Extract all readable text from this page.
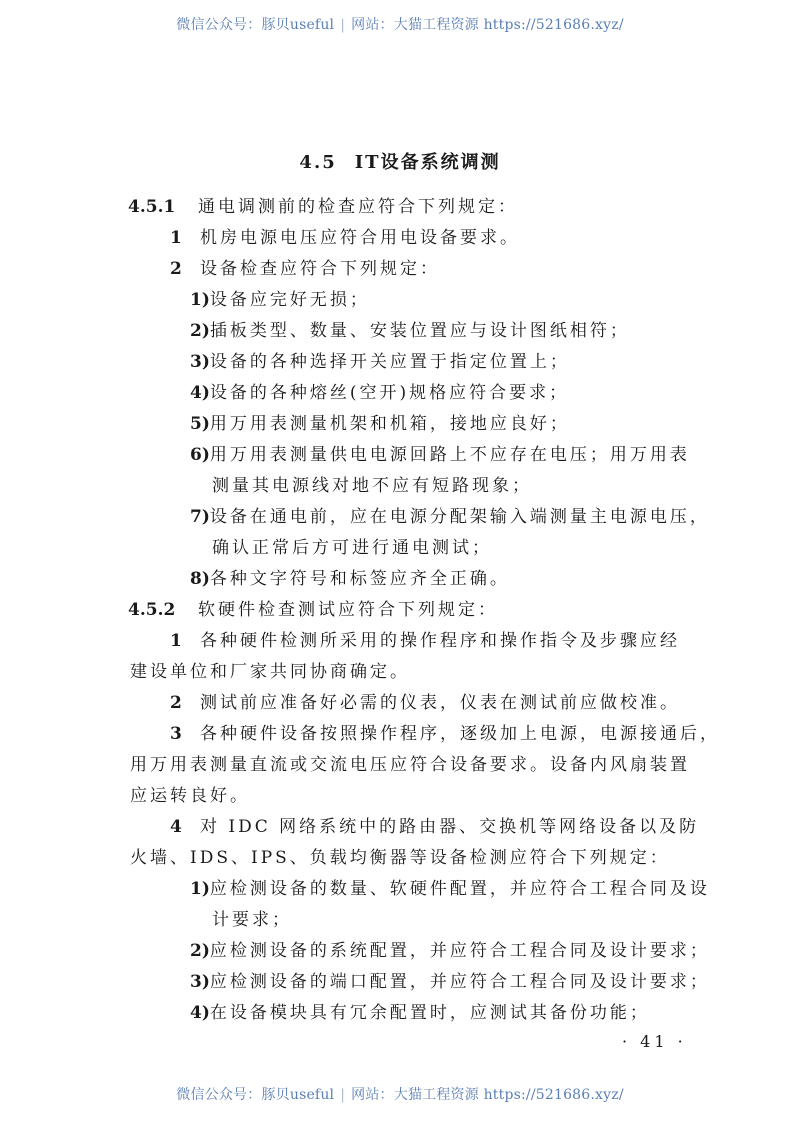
微信公众号：豚贝useful | 网站：大猫工程资源 https://521686.xyz/
4.5 IT设备系统调测
4.5.1 通电调测前的检查应符合下列规定：
1 机房电源电压应符合用电设备要求。
2 设备检查应符合下列规定：
1)设备应完好无损；
2)插板类型、数量、安装位置应与设计图纸相符；
3)设备的各种选择开关应置于指定位置上；
4)设备的各种熔丝(空开)规格应符合要求；
5)用万用表测量机架和机箱，接地应良好；
6)用万用表测量供电电源回路上不应存在电压；用万用表
测量其电源线对地不应有短路现象；
7)设备在通电前，应在电源分配架输入端测量主电源电压，
确认正常后方可进行通电测试；
8)各种文字符号和标签应齐全正确。
4.5.2 软硬件检查测试应符合下列规定：
1 各种硬件检测所采用的操作程序和操作指令及步骤应经
建设单位和厂家共同协商确定。
2 测试前应准备好必需的仪表，仪表在测试前应做校准。
3 各种硬件设备按照操作程序，逐级加上电源，电源接通后，
用万用表测量直流或交流电压应符合设备要求。设备内风扇装置
应运转良好。
4 对 IDC 网络系统中的路由器、交换机等网络设备以及防
火墙、IDS、IPS、负载均衡器等设备检测应符合下列规定：
1)应检测设备的数量、软硬件配置，并应符合工程合同及设
计要求；
2)应检测设备的系统配置，并应符合工程合同及设计要求；
3)应检测设备的端口配置，并应符合工程合同及设计要求；
4)在设备模块具有冗余配置时，应测试其备份功能；
· 41 ·
微信公众号：豚贝useful | 网站：大猫工程资源 https://521686.xyz/
